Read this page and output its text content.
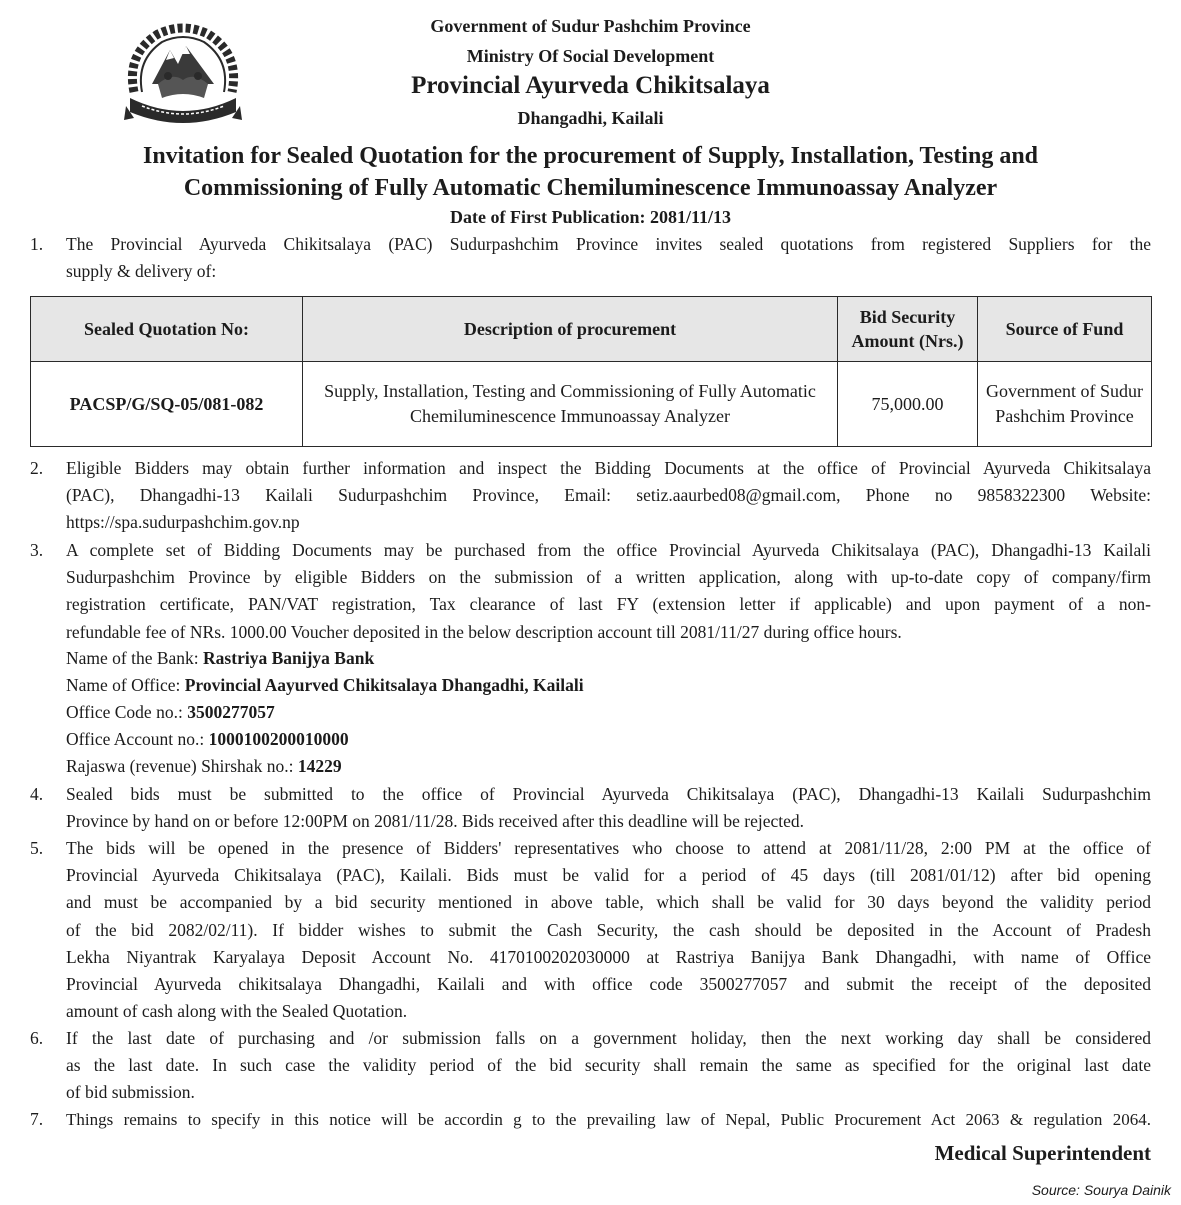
Government of Sudur Pashchim Province
Ministry Of Social Development
Provincial Ayurveda Chikitsalaya
Dhangadhi, Kailali
Invitation for Sealed Quotation for the procurement of Supply, Installation, Testing and
Commissioning of Fully Automatic Chemiluminescence Immunoassay Analyzer
Date of First Publication: 2081/11/13
1. The Provincial Ayurveda Chikitsalaya (PAC) Sudurpashchim Province invites sealed quotations from registered Suppliers for the
supply & delivery of:
Sealed Quotation No:	Description of procurement	Bid Security Amount (Nrs.)	Source of Fund
PACSP/G/SQ-05/081-082	Supply, Installation, Testing and Commissioning of Fully Automatic Chemiluminescence Immunoassay Analyzer	75,000.00	Government of Sudur Pashchim Province
2. Eligible Bidders may obtain further information and inspect the Bidding Documents at the office of Provincial Ayurveda Chikitsalaya
(PAC), Dhangadhi-13 Kailali Sudurpashchim Province, Email: setiz.aaurbed08@gmail.com, Phone no 9858322300 Website:
https://spa.sudurpashchim.gov.np
3. A complete set of Bidding Documents may be purchased from the office Provincial Ayurveda Chikitsalaya (PAC), Dhangadhi-13 Kailali
Sudurpashchim Province by eligible Bidders on the submission of a written application, along with up-to-date copy of company/firm
registration certificate, PAN/VAT registration, Tax clearance of last FY (extension letter if applicable) and upon payment of a non-
refundable fee of NRs. 1000.00 Voucher deposited in the below description account till 2081/11/27 during office hours.
Name of the Bank: Rastriya Banijya Bank
Name of Office: Provincial Aayurved Chikitsalaya Dhangadhi, Kailali
Office Code no.: 3500277057
Office Account no.: 1000100200010000
Rajaswa (revenue) Shirshak no.: 14229
4. Sealed bids must be submitted to the office of Provincial Ayurveda Chikitsalaya (PAC), Dhangadhi-13 Kailali Sudurpashchim
Province by hand on or before 12:00PM on 2081/11/28. Bids received after this deadline will be rejected.
5. The bids will be opened in the presence of Bidders' representatives who choose to attend at 2081/11/28, 2:00 PM at the office of
Provincial Ayurveda Chikitsalaya (PAC), Kailali. Bids must be valid for a period of 45 days (till 2081/01/12) after bid opening
and must be accompanied by a bid security mentioned in above table, which shall be valid for 30 days beyond the validity period
of the bid 2082/02/11). If bidder wishes to submit the Cash Security, the cash should be deposited in the Account of Pradesh
Lekha Niyantrak Karyalaya Deposit Account No. 4170100202030000 at Rastriya Banijya Bank Dhangadhi, with name of Office
Provincial Ayurveda chikitsalaya Dhangadhi, Kailali and with office code 3500277057 and submit the receipt of the deposited
amount of cash along with the Sealed Quotation.
6. If the last date of purchasing and /or submission falls on a government holiday, then the next working day shall be considered
as the last date. In such case the validity period of the bid security shall remain the same as specified for the original last date
of bid submission.
7. Things remains to specify in this notice will be accordin g to the prevailing law of Nepal, Public Procurement Act 2063 & regulation 2064.
Medical Superintendent
Source: Sourya Dainik
